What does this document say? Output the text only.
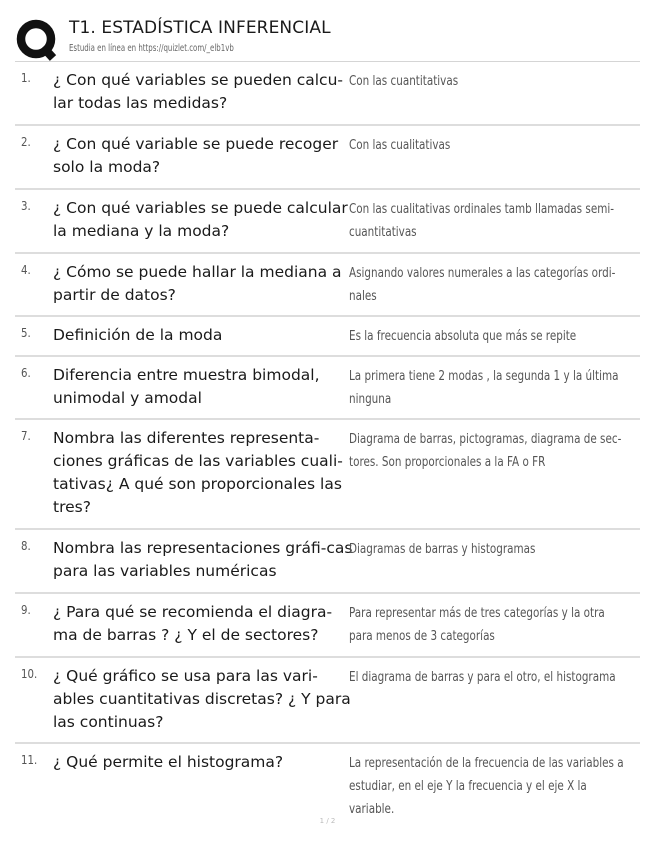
T1. ESTADÍSTICA INFERENCIAL
Estudia en línea en https://quizlet.com/_elb1vb
1. ¿ Con qué variables se pueden calcu-lar todas las medidas?
Con las cuantitativas
2. ¿ Con qué variable se puede recoger solo la moda?
Con las cualitativas
3. ¿ Con qué variables se puede calcular la mediana y la moda?
Con las cualitativas ordinales tamb llamadas semi-cuantitativas
4. ¿ Cómo se puede hallar la mediana a partir de datos?
Asignando valores numerales a las categorías ordi-nales
5. Definición de la moda	Es la frecuencia absoluta que más se repite
6. Diferencia entre muestra bimodal, unimodal y amodal
La primera tiene 2 modas , la segunda 1 y la última ninguna
7. Nombra las diferentes representa-ciones gráficas de las variables cuali-tativas¿ A qué son proporcionales las tres?
Diagrama de barras, pictogramas, diagrama de sec-tores. Son proporcionales a la FA o FR
8. Nombra las representaciones gráfi-cas para las variables numéricas
Diagramas de barras y histogramas
9. ¿ Para qué se recomienda el diagra-ma de barras ? ¿ Y el de sectores?
Para representar más de tres categorías y la otra para menos de 3 categorías
10. ¿ Qué gráfico se usa para las vari-ables cuantitativas discretas? ¿ Y para las continuas?
El diagrama de barras y para el otro, el histograma
11. ¿ Qué permite el histograma?	La representación de la frecuencia de las variables a estudiar, en el eje Y la frecuencia y el eje X la variable.
1 / 2
